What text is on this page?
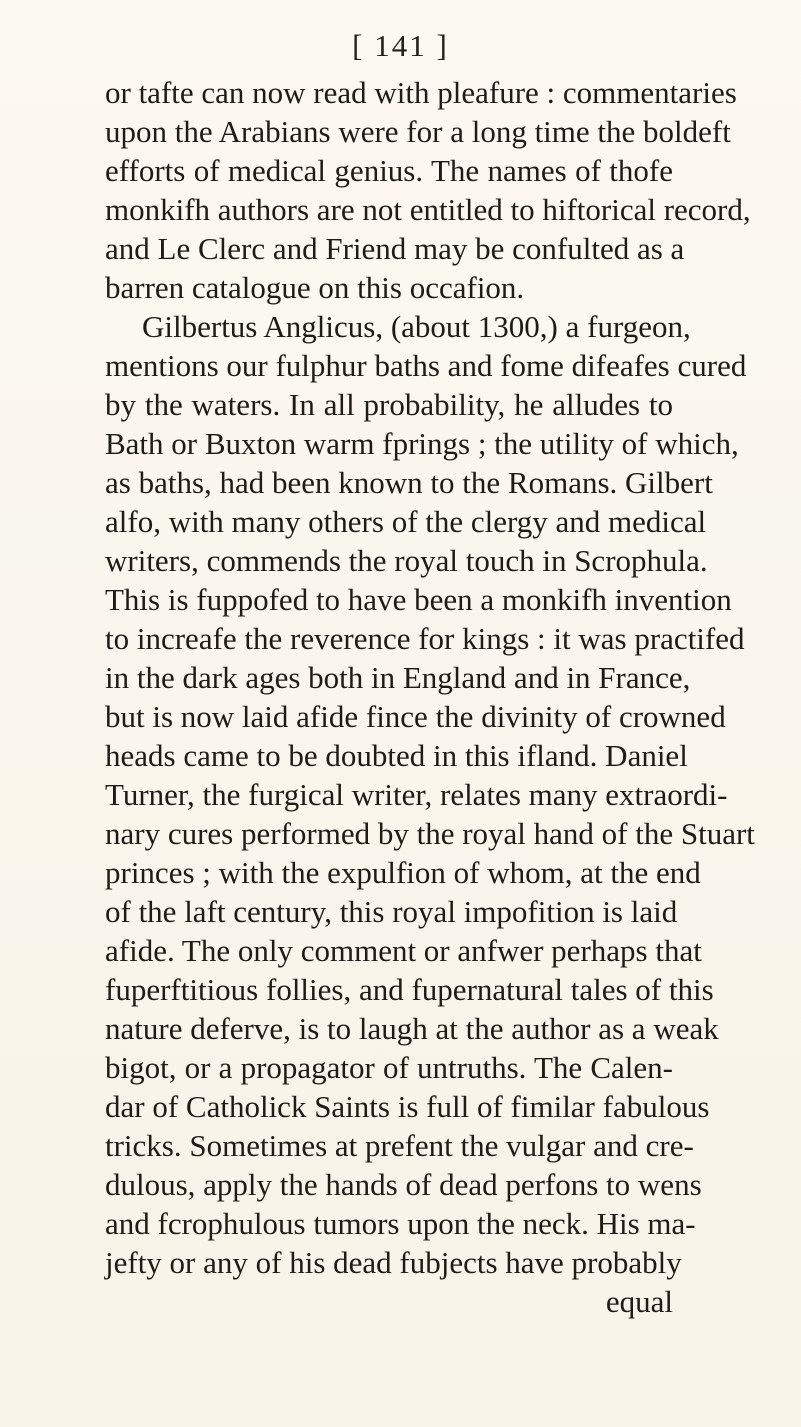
[ 141 ]
or tafte can now read with pleafure : commentaries
upon the Arabians were for a long time the boldeft
efforts of medical genius. The names of thofe
monkifh authors are not entitled to hiftorical record,
and Le Clerc and Friend may be confulted as a
barren catalogue on this occafion.
Gilbertus Anglicus, (about 1300,) a furgeon,
mentions our fulphur baths and fome difeafes cured
by the waters. In all probability, he alludes to
Bath or Buxton warm fprings ; the utility of which,
as baths, had been known to the Romans. Gilbert
alfo, with many others of the clergy and medical
writers, commends the royal touch in Scrophula.
This is fuppofed to have been a monkifh invention
to increafe the reverence for kings : it was practifed
in the dark ages both in England and in France,
but is now laid afide fince the divinity of crowned
heads came to be doubted in this ifland. Daniel
Turner, the furgical writer, relates many extraordi-
nary cures performed by the royal hand of the Stuart
princes ; with the expulfion of whom, at the end
of the laft century, this royal impofition is laid
afide. The only comment or anfwer perhaps that
fuperftitious follies, and fupernatural tales of this
nature deferve, is to laugh at the author as a weak
bigot, or a propagator of untruths. The Calen-
dar of Catholick Saints is full of fimilar fabulous
tricks. Sometimes at prefent the vulgar and cre-
dulous, apply the hands of dead perfons to wens
and fcrophulous tumors upon the neck. His ma-
jefty or any of his dead fubjects have probably
equal
